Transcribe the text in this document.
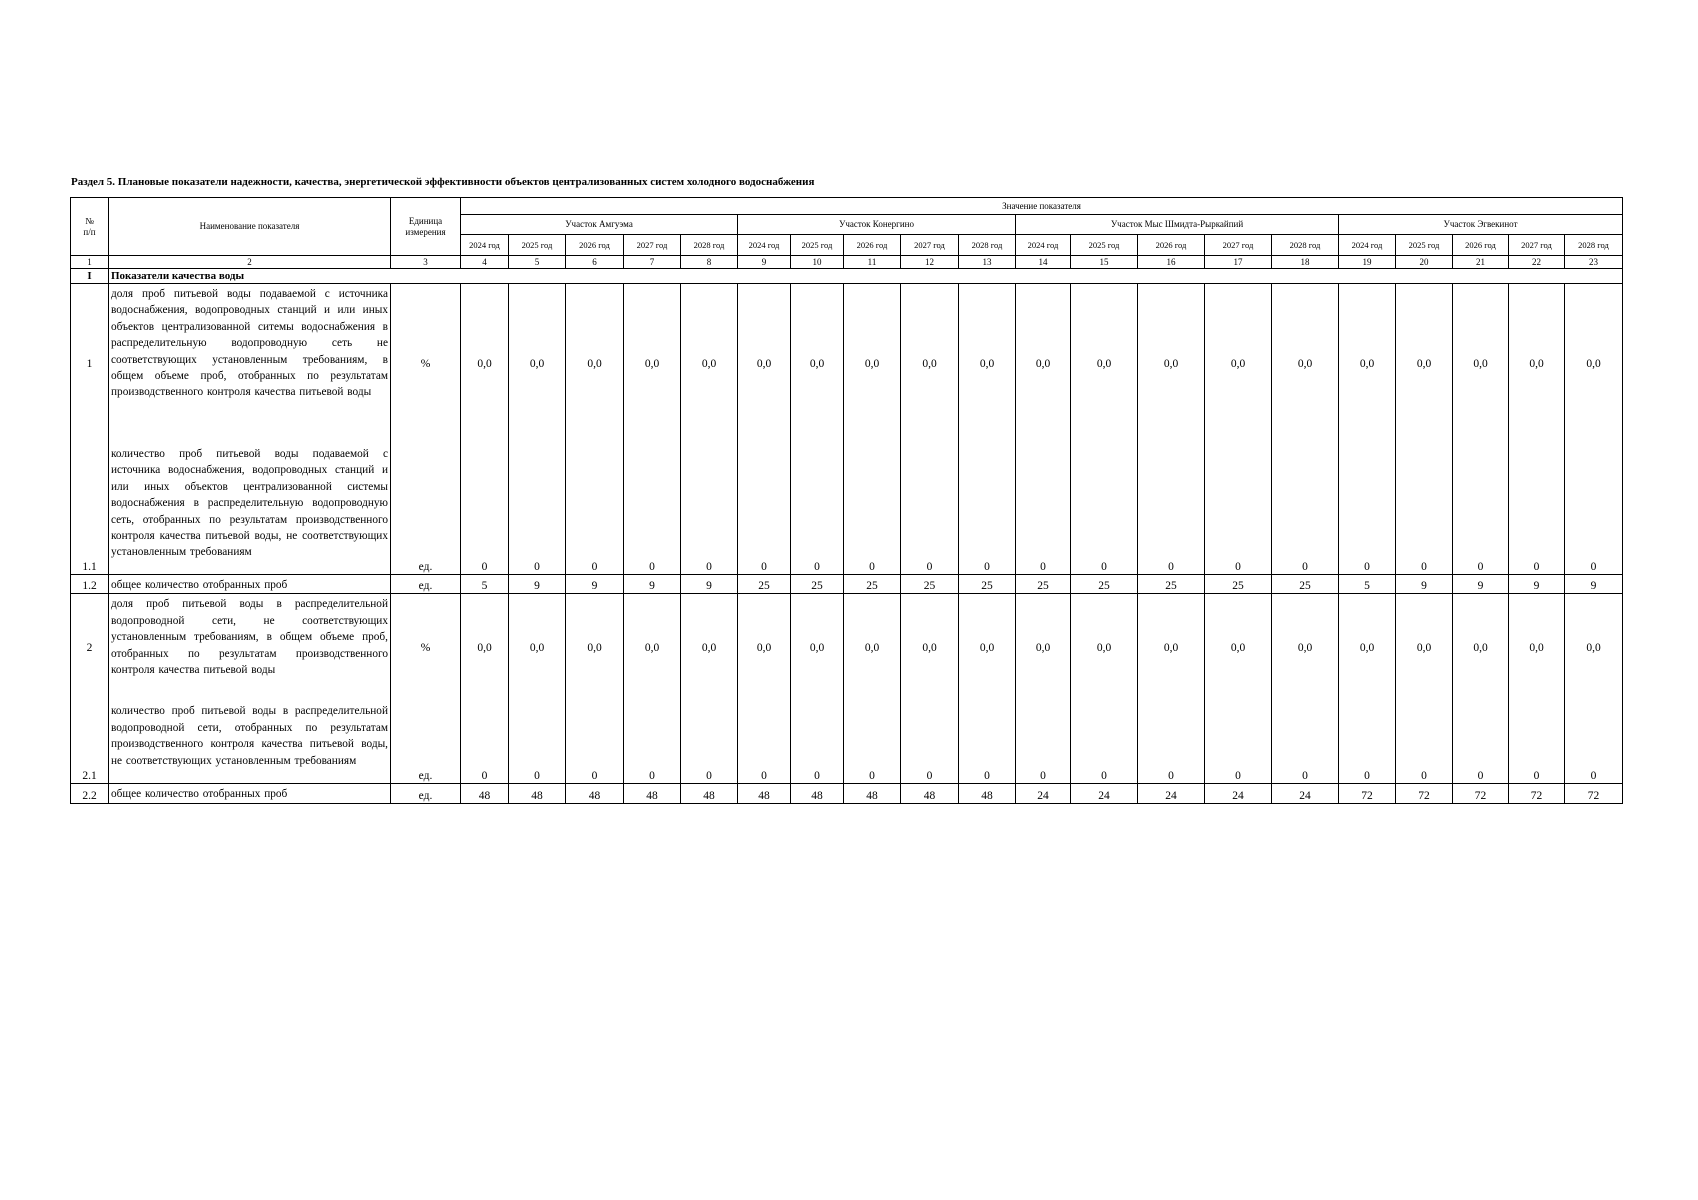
Раздел 5. Плановые показатели надежности, качества, энергетической эффективности объектов централизованных систем холодного водоснабжения
№
п/п	Наименование показателя	Единица измерения	Значение показателя																			
			Участок Амгуэма					Участок Конергино					Участок Мыс Шмидта-Рыркайпий					Участок Эгвекинот				
			2024 год	2025 год	2026 год	2027 год	2028 год	2024 год	2025 год	2026 год	2027 год	2028 год	2024 год	2025 год	2026 год	2027 год	2028 год	2024 год	2025 год	2026 год	2027 год	2028 год
1	2	3	4	5	6	7	8	9	10	11	12	13	14	15	16	17	18	19	20	21	22	23
I	Показатели качества воды																					
1	доля проб питьевой воды подаваемой с источника водоснабжения, водопроводных станций и или иных объектов централизованной ситемы водоснабжения в распределительную водопроводную сеть не соответствующих установленным требованиям, в общем объеме проб, отобранных по результатам производственного контроля качества питьевой воды	%	0,0	0,0	0,0	0,0	0,0	0,0	0,0	0,0	0,0	0,0	0,0	0,0	0,0	0,0	0,0	0,0	0,0	0,0	0,0	0,0
1.1	количество проб питьевой воды подаваемой с источника водоснабжения, водопроводных станций и или иных объектов централизованной системы водоснабжения в распределительную водопроводную сеть, отобранных по результатам производственного контроля качества питьевой воды, не соответствующих установленным требованиям	ед.	0	0	0	0	0	0	0	0	0	0	0	0	0	0	0	0	0	0	0	0
1.2	общее количество отобранных проб	ед.	5	9	9	9	9	25	25	25	25	25	25	25	25	25	25	5	9	9	9	9
2	доля проб питьевой воды в распределительной водопроводной сети, не соответствующих установленным требованиям, в общем объеме проб, отобранных по результатам производственного контроля качества питьевой воды	%	0,0	0,0	0,0	0,0	0,0	0,0	0,0	0,0	0,0	0,0	0,0	0,0	0,0	0,0	0,0	0,0	0,0	0,0	0,0	0,0
2.1	количество проб питьевой воды в распределительной водопроводной сети, отобранных по результатам производственного контроля качества питьевой воды, не соответствующих установленным требованиям	ед.	0	0	0	0	0	0	0	0	0	0	0	0	0	0	0	0	0	0	0	0
2.2	общее количество отобранных проб	ед.	48	48	48	48	48	48	48	48	48	48	24	24	24	24	24	72	72	72	72	72
